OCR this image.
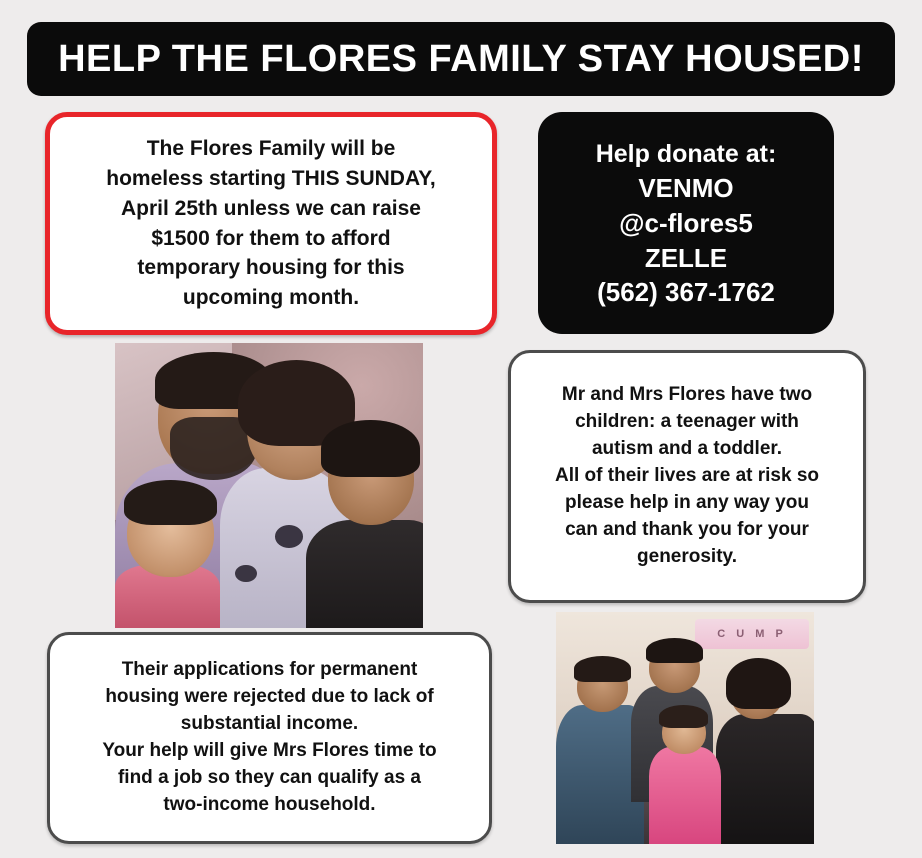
HELP THE FLORES FAMILY STAY HOUSED!

The Flores Family will be
homeless starting THIS SUNDAY,
April 25th unless we can raise
$1500 for them to afford
temporary housing for this
upcoming month.

Help donate at:
VENMO
@c-flores5
ZELLE
(562) 367-1762

Mr and Mrs Flores have two
children: a teenager with
autism and a toddler.
All of their lives are at risk so
please help in any way you
can and thank you for your
generosity.

Their applications for permanent
housing were rejected due to lack of
substantial income.
Your help will give Mrs Flores time to
find a job so they can qualify as a
two-income household.

C U M P
